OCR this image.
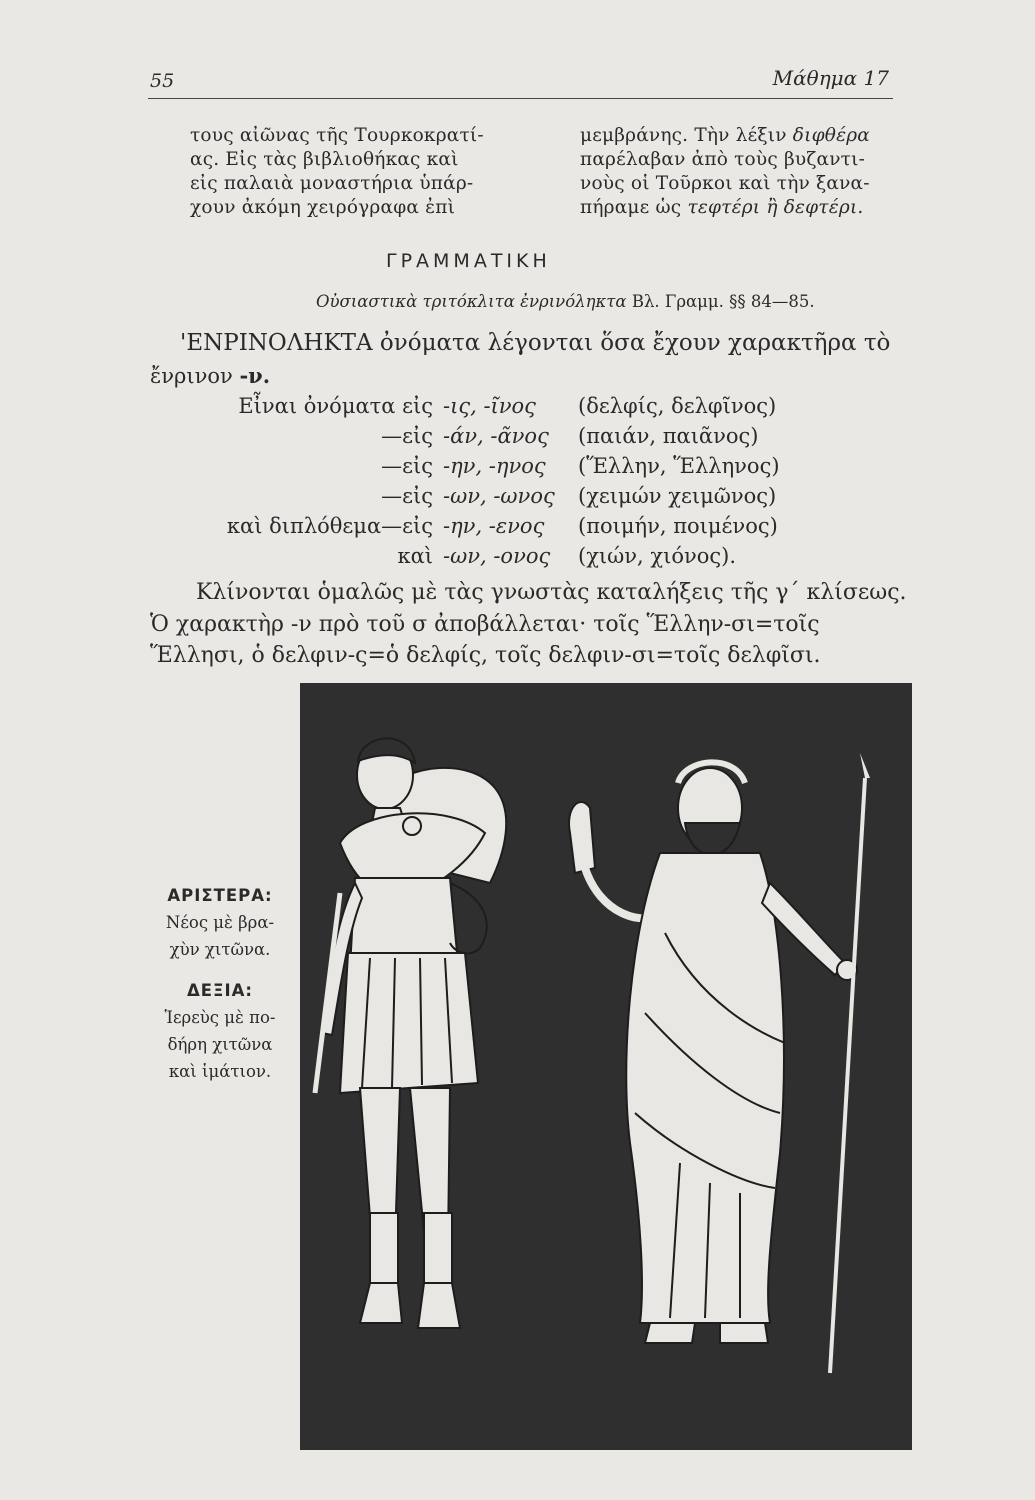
55	Μάθημα 17
τους αἰῶνας τῆς Τουρκοκρατί-
ας. Εἰς τὰς βιβλιοθήκας καὶ
εἰς παλαιὰ μοναστήρια ὑπάρ-
χουν ἀκόμη χειρόγραφα ἐπὶ
μεμβράνης. Τὴν λέξιν διφθέρα
παρέλαβαν ἀπὸ τοὺς βυζαντι-
νοὺς οἱ Τοῦρκοι καὶ τὴν ξανα-
πήραμε ὡς τεφτέρι ἢ δεφτέρι.
ΓΡΑΜΜΑΤΙΚΗ
Οὐσιαστικὰ τριτόκλιτα ἐνρινόληκτα Βλ. Γραμμ. §§ 84—85.
'ΕΝΡΙΝΟΛΗΚΤΑ ὀνόματα λέγονται ὅσα ἔχουν χαρακτῆρα τὸ
ἔνρινον -ν.
Εἶναι ὀνόματα εἰς -ις, -ῖνος (δελφίς, δελφῖνος)
—εἰς -άν, -ᾶνος (παιάν, παιᾶνος)
—εἰς -ην, -ηνος (Ἕλλην, Ἕλληνος)
—εἰς -ων, -ωνος (χειμών χειμῶνος)
καὶ διπλόθεμα—εἰς -ην, -ενος (ποιμήν, ποιμένος)
καὶ -ων, -ονος (χιών, χιόνος).
Κλίνονται ὁμαλῶς μὲ τὰς γνωστὰς καταλήξεις τῆς γ΄ κλίσεως.
Ὁ χαρακτὴρ -ν πρὸ τοῦ σ ἀποβάλλεται· τοῖς Ἕλλην-σι=τοῖς
Ἕλλησι, ὁ δελφιν-ς=ὁ δελφίς, τοῖς δελφιν-σι=τοῖς δελφῖσι.
ΑΡΙΣΤΕΡΑ:
Νέος μὲ βρα-
χὺν χιτῶνα.
ΔΕΞΙΑ:
Ἱερεὺς μὲ πο-
δήρη χιτῶνα
καὶ ἱμάτιον.
